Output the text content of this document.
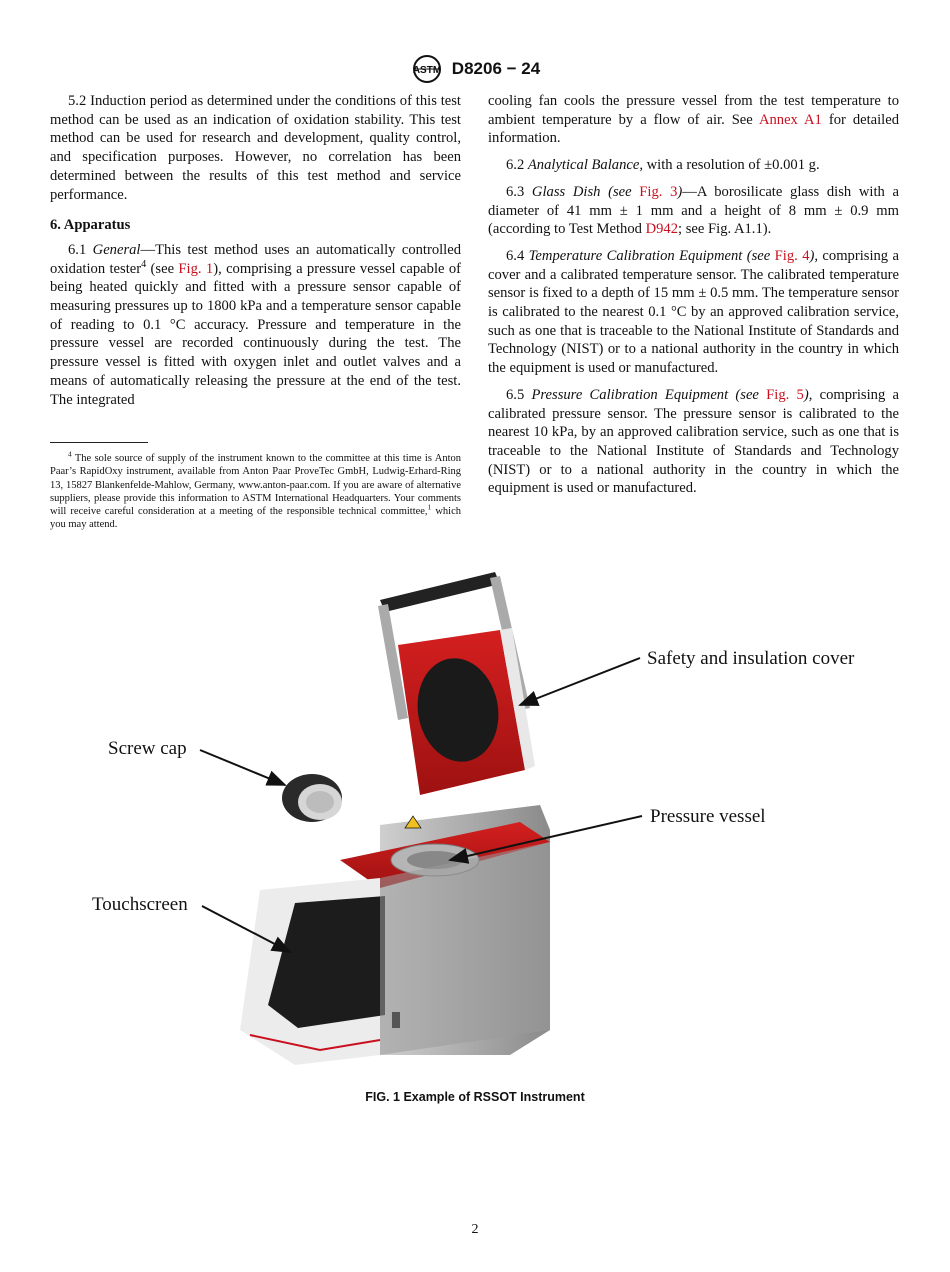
ASTM D8206 − 24

5.2 Induction period as determined under the conditions of this test method can be used as an indication of oxidation stability. This test method can be used for research and development, quality control, and specification purposes. However, no correlation has been determined between the results of this test method and service performance.

6. Apparatus

6.1 General—This test method uses an automatically controlled oxidation tester$^4$ (see Fig. 1), comprising a pressure vessel capable of being heated quickly and fitted with a pressure sensor capable of measuring pressures up to 1800 kPa and a temperature sensor capable of reading to 0.1 °C accuracy. Pressure and temperature in the pressure vessel are recorded continuously during the test. The pressure vessel is fitted with oxygen inlet and outlet valves and a means of automatically releasing the pressure at the end of the test. The integrated

$^4$ The sole source of supply of the instrument known to the committee at this time is Anton Paar’s RapidOxy instrument, available from Anton Paar ProveTec GmbH, Ludwig-Erhard-Ring 13, 15827 Blankenfelde-Mahlow, Germany, www.anton-paar.com. If you are aware of alternative suppliers, please provide this information to ASTM International Headquarters. Your comments will receive careful consideration at a meeting of the responsible technical committee,$^1$ which you may attend.

cooling fan cools the pressure vessel from the test temperature to ambient temperature by a flow of air. See Annex A1 for detailed information.

6.2 Analytical Balance, with a resolution of ±0.001 g.

6.3 Glass Dish (see Fig. 3)—A borosilicate glass dish with a diameter of 41 mm ± 1 mm and a height of 8 mm ± 0.9 mm (according to Test Method D942; see Fig. A1.1).

6.4 Temperature Calibration Equipment (see Fig. 4), comprising a cover and a calibrated temperature sensor. The calibrated temperature sensor is fixed to a depth of 15 mm ± 0.5 mm. The temperature sensor is calibrated to the nearest 0.1 °C by an approved calibration service, such as one that is traceable to the National Institute of Standards and Technology (NIST) or to a national authority in the country in which the equipment is used or manufactured.

6.5 Pressure Calibration Equipment (see Fig. 5), comprising a calibrated pressure sensor. The pressure sensor is calibrated to the nearest 10 kPa, by an approved calibration service, such as one that is traceable to the National Institute of Standards and Technology (NIST) or to a national authority in the country in which the equipment is used or manufactured.

Safety and insulation cover
Screw cap
Pressure vessel
Touchscreen
FIG. 1 Example of RSSOT Instrument
2
